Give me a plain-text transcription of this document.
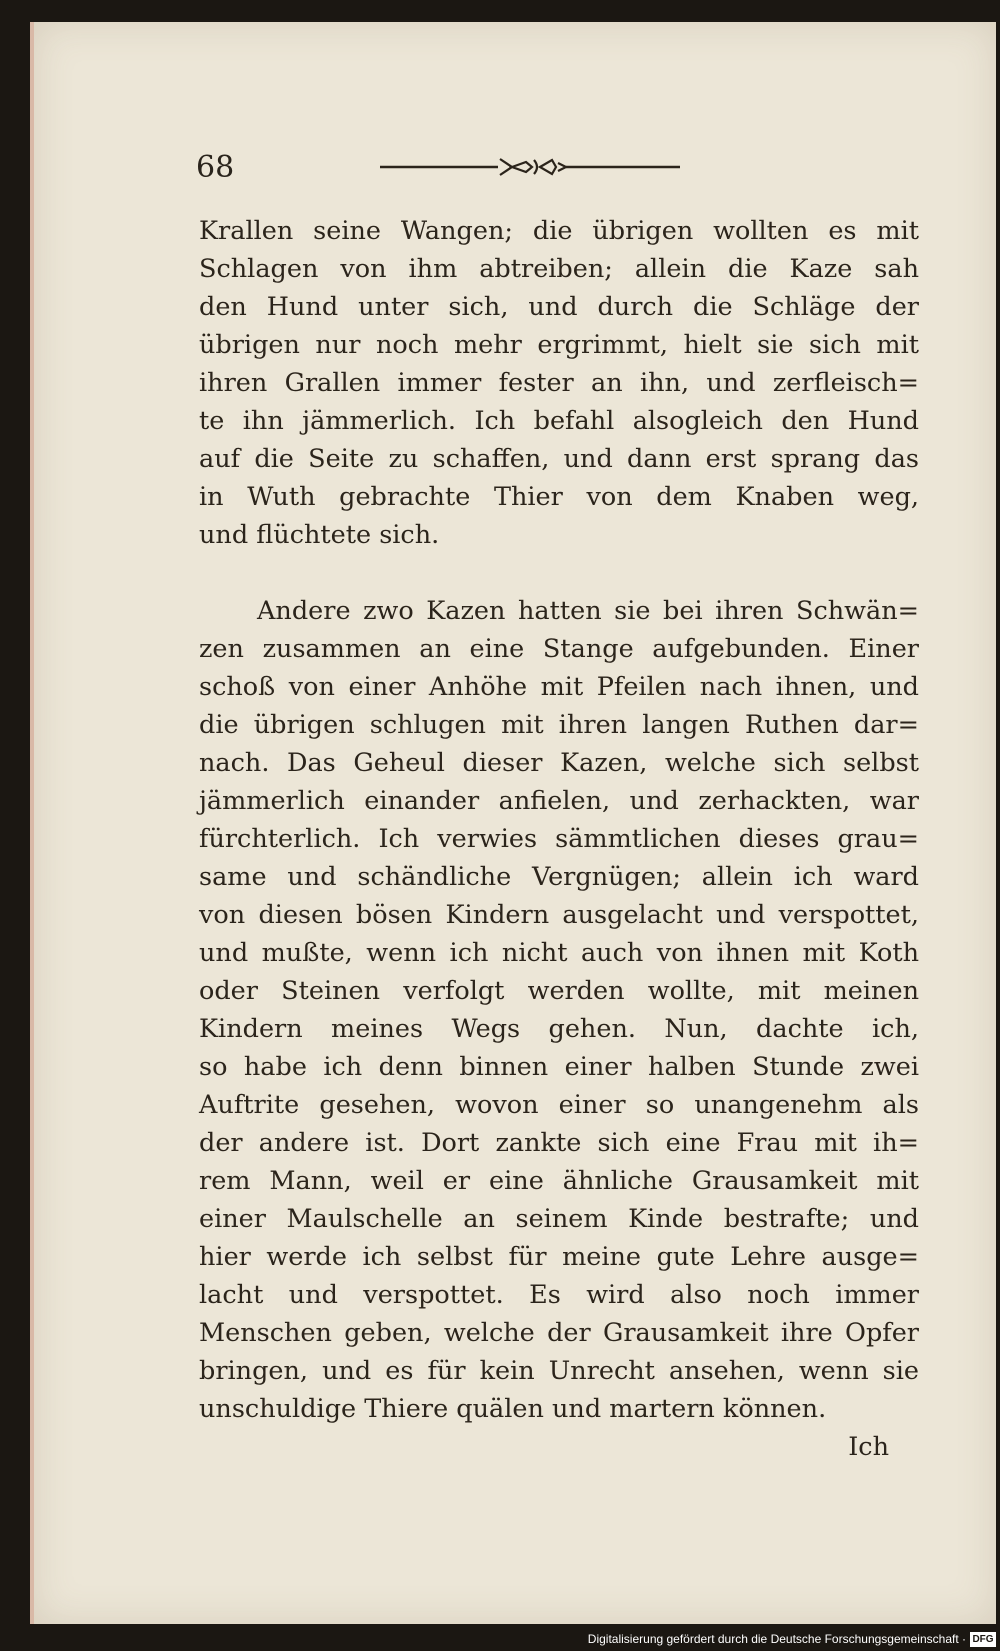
68
Krallen seine Wangen; die übrigen wollten es mit
Schlagen von ihm abtreiben; allein die Kaze sah
den Hund unter sich, und durch die Schläge der
übrigen nur noch mehr ergrimmt, hielt sie sich mit
ihren Grallen immer fester an ihn, und zerfleisch=
te ihn jämmerlich. Ich befahl alsogleich den Hund
auf die Seite zu schaffen, und dann erst sprang das
in Wuth gebrachte Thier von dem Knaben weg,
und flüchtete sich.
Andere zwo Kazen hatten sie bei ihren Schwän=
zen zusammen an eine Stange aufgebunden. Einer
schoß von einer Anhöhe mit Pfeilen nach ihnen, und
die übrigen schlugen mit ihren langen Ruthen dar=
nach. Das Geheul dieser Kazen, welche sich selbst
jämmerlich einander anfielen, und zerhackten, war
fürchterlich. Ich verwies sämmtlichen dieses grau=
same und schändliche Vergnügen; allein ich ward
von diesen bösen Kindern ausgelacht und verspottet,
und mußte, wenn ich nicht auch von ihnen mit Koth
oder Steinen verfolgt werden wollte, mit meinen
Kindern meines Wegs gehen. Nun, dachte ich,
so habe ich denn binnen einer halben Stunde zwei
Auftrite gesehen, wovon einer so unangenehm als
der andere ist. Dort zankte sich eine Frau mit ih=
rem Mann, weil er eine ähnliche Grausamkeit mit
einer Maulschelle an seinem Kinde bestrafte; und
hier werde ich selbst für meine gute Lehre ausge=
lacht und verspottet. Es wird also noch immer
Menschen geben, welche der Grausamkeit ihre Opfer
bringen, und es für kein Unrecht ansehen, wenn sie
unschuldige Thiere quälen und martern können.
Ich
Digitalisierung gefördert durch die Deutsche Forschungsgemeinschaft · DFG
